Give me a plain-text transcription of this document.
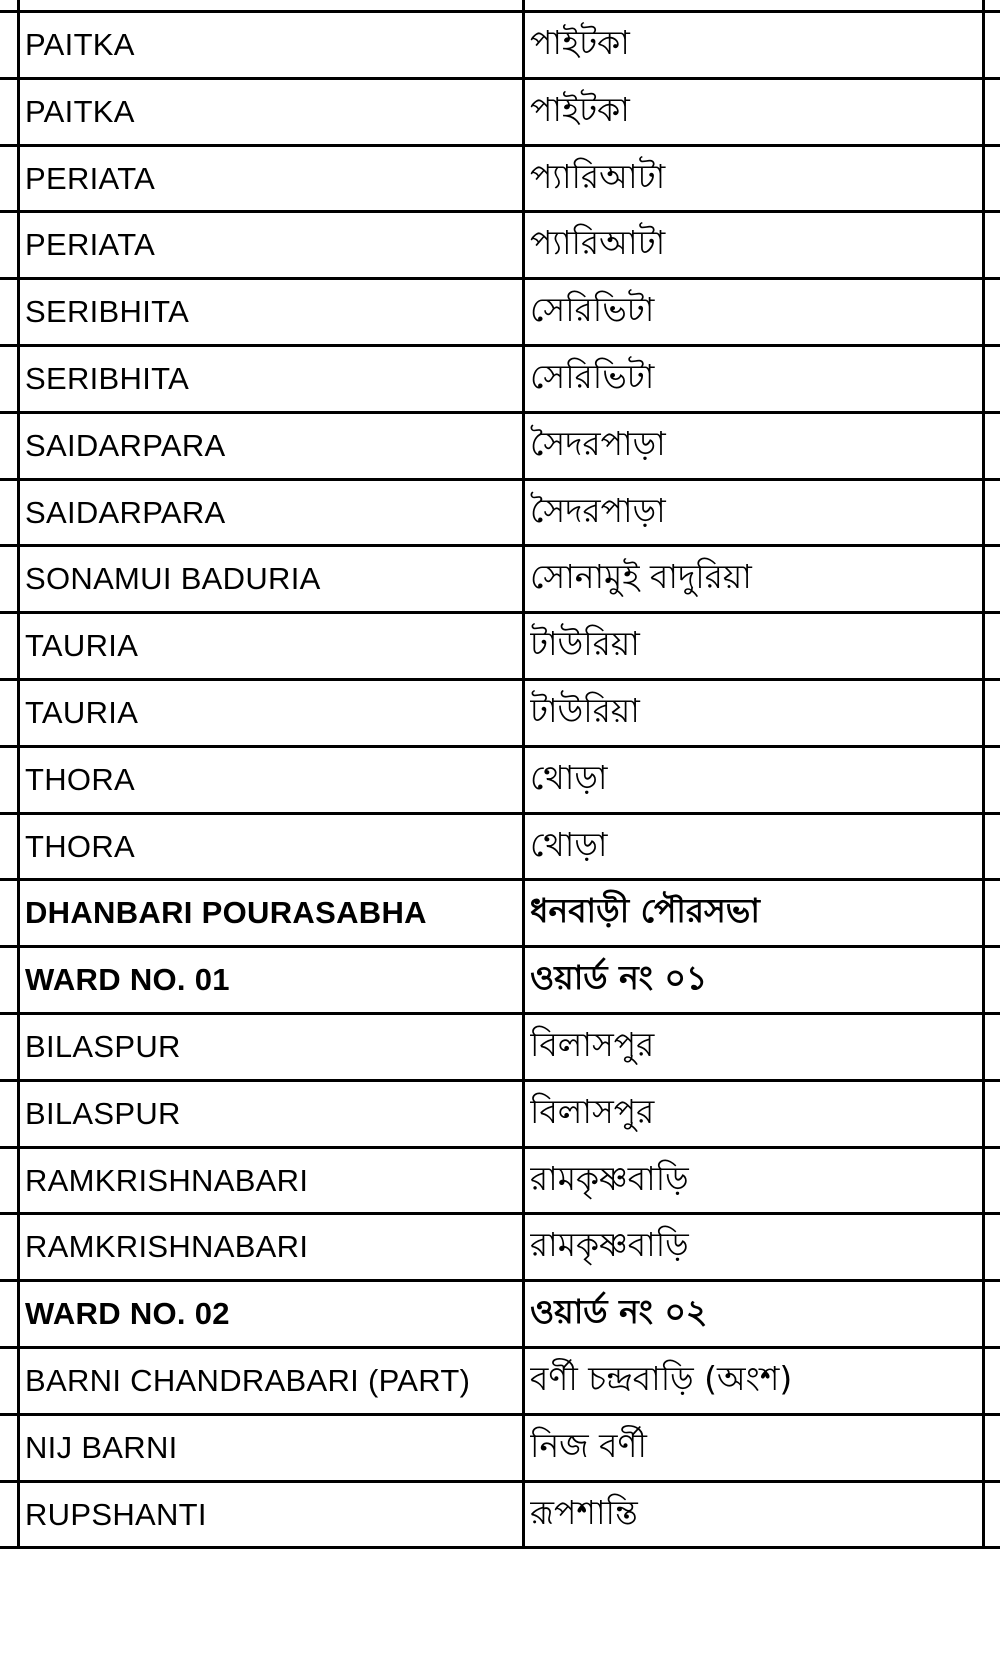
PAITKA	পাইটকা
PAITKA	পাইটকা
PERIATA	প্যারিআটা
PERIATA	প্যারিআটা
SERIBHITA	সেরিভিটা
SERIBHITA	সেরিভিটা
SAIDARPARA	সৈদরপাড়া
SAIDARPARA	সৈদরপাড়া
SONAMUI BADURIA	সোনামুই বাদুরিয়া
TAURIA	টাউরিয়া
TAURIA	টাউরিয়া
THORA	থোড়া
THORA	থোড়া
DHANBARI POURASABHA	ধনবাড়ী পৌরসভা
WARD NO. 01	ওয়ার্ড নং ০১
BILASPUR	বিলাসপুর
BILASPUR	বিলাসপুর
RAMKRISHNABARI	রামকৃষ্ণবাড়ি
RAMKRISHNABARI	রামকৃষ্ণবাড়ি
WARD NO. 02	ওয়ার্ড নং ০২
BARNI CHANDRABARI (PART)	বর্ণী চন্দ্রবাড়ি (অংশ)
NIJ BARNI	নিজ বর্ণী
RUPSHANTI	রূপশান্তি
